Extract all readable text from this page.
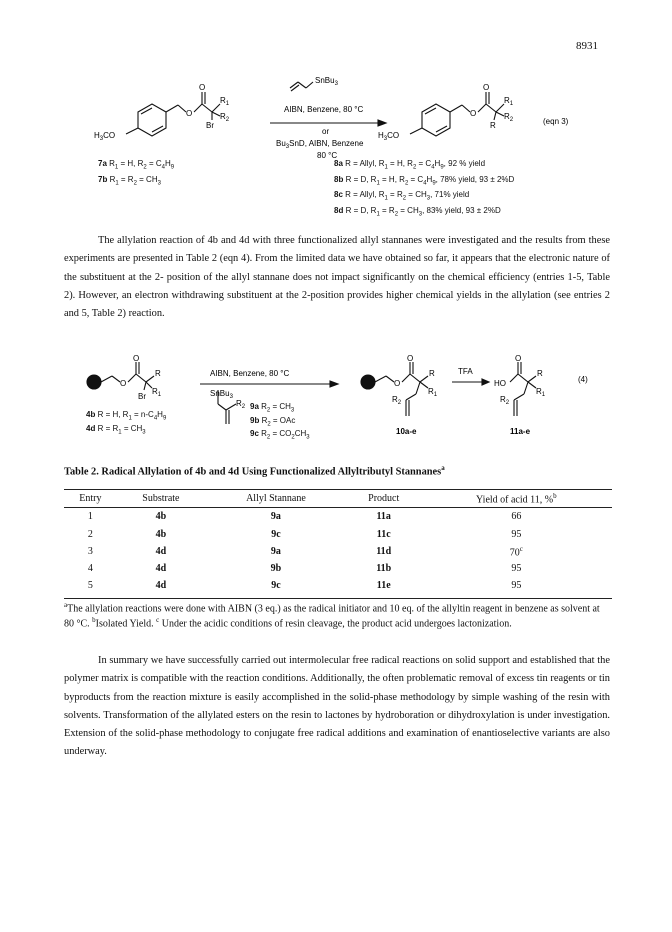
8931
O
O
$R_1$
$R_2$
Br
$H_3CO$
SnBu$_3$
AIBN, Benzene, 80 °C
or
$Bu_3SnD$, AIBN, Benzene
80 °C
O
O
$R_1$
$R_2$
R
$H_3CO$
(eqn 3)
7a $R_1 = H$, $R_2 = C_4H_9$
7b $R_1 = R_2 = CH_3$
8a R = Allyl, $R_1 = H$, $R_2 = C_4H_9$, 92 % yield
8b R = D, $R_1 = H$, $R_2 = C_4H_9$, 78% yield, 93 ± 2%D
8c R = Allyl, $R_1 = R_2 = CH_3$, 71% yield
8d R = D, $R_1 = R_2 = CH_3$, 83% yield, 93 ± 2%D

The allylation reaction of 4b and 4d with three functionalized allyl stannanes were investigated and the results from these experiments are presented in Table 2 (eqn 4). From the limited data we have obtained so far, it appears that the electronic nature of the substituent at the 2- position of the allyl stannane does not impact significantly on the chemical efficiency (entries 1-5, Table 2). However, an electron withdrawing substituent at the 2-position provides higher chemical yields in the allylation (see entries 2 and 5, Table 2) reaction.

O
O
R
$R_1$
Br
AIBN, Benzene, 80 °C
SnBu$_3$
$R_2$
O
O
R
$R_1$
$R_2$
10a-e
TFA
O
HO
R
$R_1$
$R_2$
11a-e
(4)
4b R = H, $R_1 = n-C_4H_9$
4d $R = R_1 = CH_3$
9a $R_2 = CH_3$
9b $R_2$ = OAc
9c $R_2 = CO_2CH_3$
Table 2. Radical Allylation of 4b and 4d Using Functionalized Allyltributyl Stannanes$^a$
Entry	Substrate	Allyl Stannane	Product	Yield of acid 11, %$^b$
1	4b	9a	11a	66
2	4b	9c	11c	95
3	4d	9a	11d	70$^c$
4	4d	9b	11b	95
5	4d	9c	11e	95
$^a$The allylation reactions were done with AIBN (3 eq.) as the radical initiator and 10 eq. of the allyltin reagent in benzene as solvent at 80 °C. $^b$Isolated Yield. $^c$ Under the acidic conditions of resin cleavage, the product acid undergoes lactonization.

In summary we have successfully carried out intermolecular free radical reactions on solid support and established that the polymer matrix is compatible with the reaction conditions. Additionally, the often problematic removal of excess tin reagents or tin byproducts from the reaction mixture is easily accomplished in the solid-phase methodology by simple washing of the resin with solvents. Transformation of the allylated esters on the resin to lactones by hydroboration or dihydroxylation is under investigation. Extension of the solid-phase methodology to conjugate free radical additions and examination of enantioselective variants are also underway.
